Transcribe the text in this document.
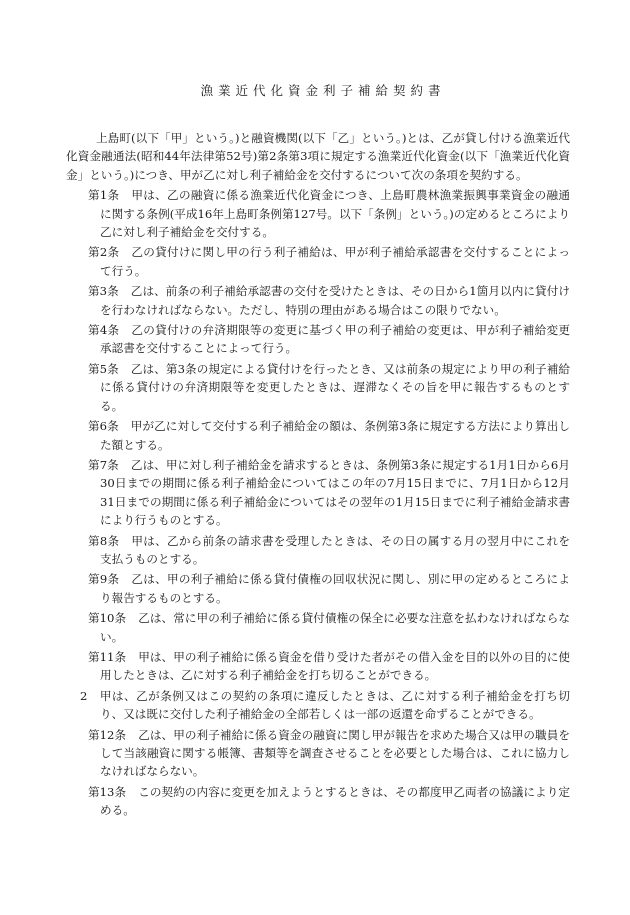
漁業近代化資金利子補給契約書

上島町(以下「甲」という。)と融資機関(以下「乙」という。)とは、乙が貸し付ける漁業近代化資金融通法(昭和44年法律第52号)第2条第3項に規定する漁業近代化資金(以下「漁業近代化資金」という。)につき、甲が乙に対し利子補給金を交付するについて次の条項を契約する。

第1条 甲は、乙の融資に係る漁業近代化資金につき、上島町農林漁業振興事業資金の融通に関する条例(平成16年上島町条例第127号。以下「条例」という。)の定めるところにより乙に対し利子補給金を交付する。
第2条 乙の貸付けに関し甲の行う利子補給は、甲が利子補給承認書を交付することによって行う。
第3条 乙は、前条の利子補給承認書の交付を受けたときは、その日から1箇月以内に貸付けを行わなければならない。ただし、特別の理由がある場合はこの限りでない。
第4条 乙の貸付けの弁済期限等の変更に基づく甲の利子補給の変更は、甲が利子補給変更承認書を交付することによって行う。
第5条 乙は、第3条の規定による貸付けを行ったとき、又は前条の規定により甲の利子補給に係る貸付けの弁済期限等を変更したときは、遅滞なくその旨を甲に報告するものとする。
第6条 甲が乙に対して交付する利子補給金の額は、条例第3条に規定する方法により算出した額とする。
第7条 乙は、甲に対し利子補給金を請求するときは、条例第3条に規定する1月1日から6月30日までの期間に係る利子補給金についてはこの年の7月15日までに、7月1日から12月31日までの期間に係る利子補給金についてはその翌年の1月15日までに利子補給金請求書により行うものとする。
第8条 甲は、乙から前条の請求書を受理したときは、その日の属する月の翌月中にこれを支払うものとする。
第9条 乙は、甲の利子補給に係る貸付債権の回収状況に関し、別に甲の定めるところにより報告するものとする。
第10条 乙は、常に甲の利子補給に係る貸付債権の保全に必要な注意を払わなければならない。
第11条 甲は、甲の利子補給に係る資金を借り受けた者がその借入金を目的以外の目的に使用したときは、乙に対する利子補給金を打ち切ることができる。
2 甲は、乙が条例又はこの契約の条項に違反したときは、乙に対する利子補給金を打ち切り、又は既に交付した利子補給金の全部若しくは一部の返還を命ずることができる。
第12条 乙は、甲の利子補給に係る資金の融資に関し甲が報告を求めた場合又は甲の職員をして当該融資に関する帳簿、書類等を調査させることを必要とした場合は、これに協力しなければならない。
第13条 この契約の内容に変更を加えようとするときは、その都度甲乙両者の協議により定める。
